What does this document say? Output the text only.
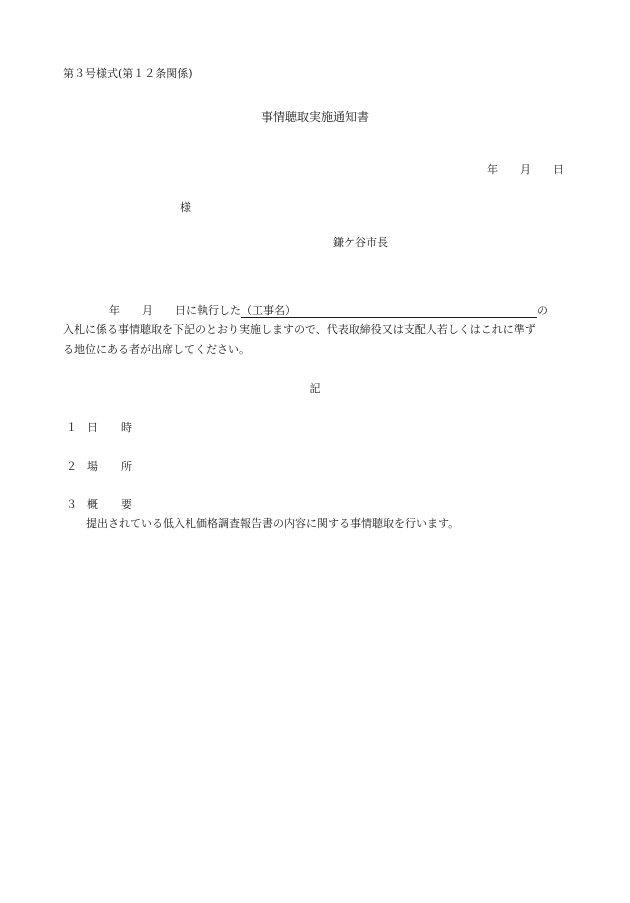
第３号様式(第１２条関係)
事情聴取実施通知書
年 月 日
様
鎌ケ谷市長
年 月 日に執行した（工事名）	の
入札に係る事情聴取を下記のとおり実施しますので、代表取締役又は支配人若しくはこれに準ず
る地位にある者が出席してください。
記
１ 日 時
２ 場 所
３ 概 要
提出されている低入札価格調査報告書の内容に関する事情聴取を行います。
